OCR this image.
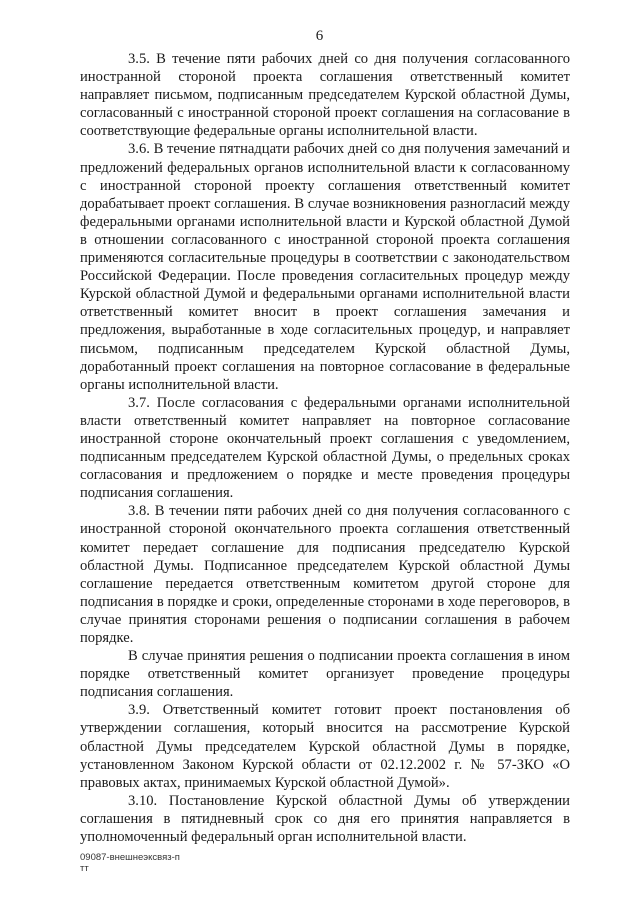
6

3.5. В течение пяти рабочих дней со дня получения согласованного иностранной стороной проекта соглашения ответственный комитет направляет письмом, подписанным председателем Курской областной Думы, согласованный с иностранной стороной проект соглашения на согласование в соответствующие федеральные органы исполнительной власти.

3.6. В течение пятнадцати рабочих дней со дня получения замечаний и предложений федеральных органов исполнительной власти к согласованному с иностранной стороной проекту соглашения ответственный комитет дорабатывает проект соглашения. В случае возникновения разногласий между федеральными органами исполнительной власти и Курской областной Думой в отношении согласованного с иностранной стороной проекта соглашения применяются согласительные процедуры в соответствии с законодательством Российской Федерации. После проведения согласительных процедур между Курской областной Думой и федеральными органами исполнительной власти ответственный комитет вносит в проект соглашения замечания и предложения, выработанные в ходе согласительных процедур, и направляет письмом, подписанным председателем Курской областной Думы, доработанный проект соглашения на повторное согласование в федеральные органы исполнительной власти.

3.7. После согласования с федеральными органами исполнительной власти ответственный комитет направляет на повторное согласование иностранной стороне окончательный проект соглашения с уведомлением, подписанным председателем Курской областной Думы, о предельных сроках согласования и предложением о порядке и месте проведения процедуры подписания соглашения.

3.8. В течении пяти рабочих дней со дня получения согласованного с иностранной стороной окончательного проекта соглашения ответственный комитет передает соглашение для подписания председателю Курской областной Думы. Подписанное председателем Курской областной Думы соглашение передается ответственным комитетом другой стороне для подписания в порядке и сроки, определенные сторонами в ходе переговоров, в случае принятия сторонами решения о подписании соглашения в рабочем порядке.

В случае принятия решения о подписании проекта соглашения в ином порядке ответственный комитет организует проведение процедуры подписания соглашения.

3.9. Ответственный комитет готовит проект постановления об утверждении соглашения, который вносится на рассмотрение Курской областной Думы председателем Курской областной Думы в порядке, установленном Законом Курской области от 02.12.2002 г. № 57-ЗКО «О правовых актах, принимаемых Курской областной Думой».

3.10. Постановление Курской областной Думы об утверждении соглашения в пятидневный срок со дня его принятия направляется в уполномоченный федеральный орган исполнительной власти.

09087-внешнеэксвяз-п
тт
